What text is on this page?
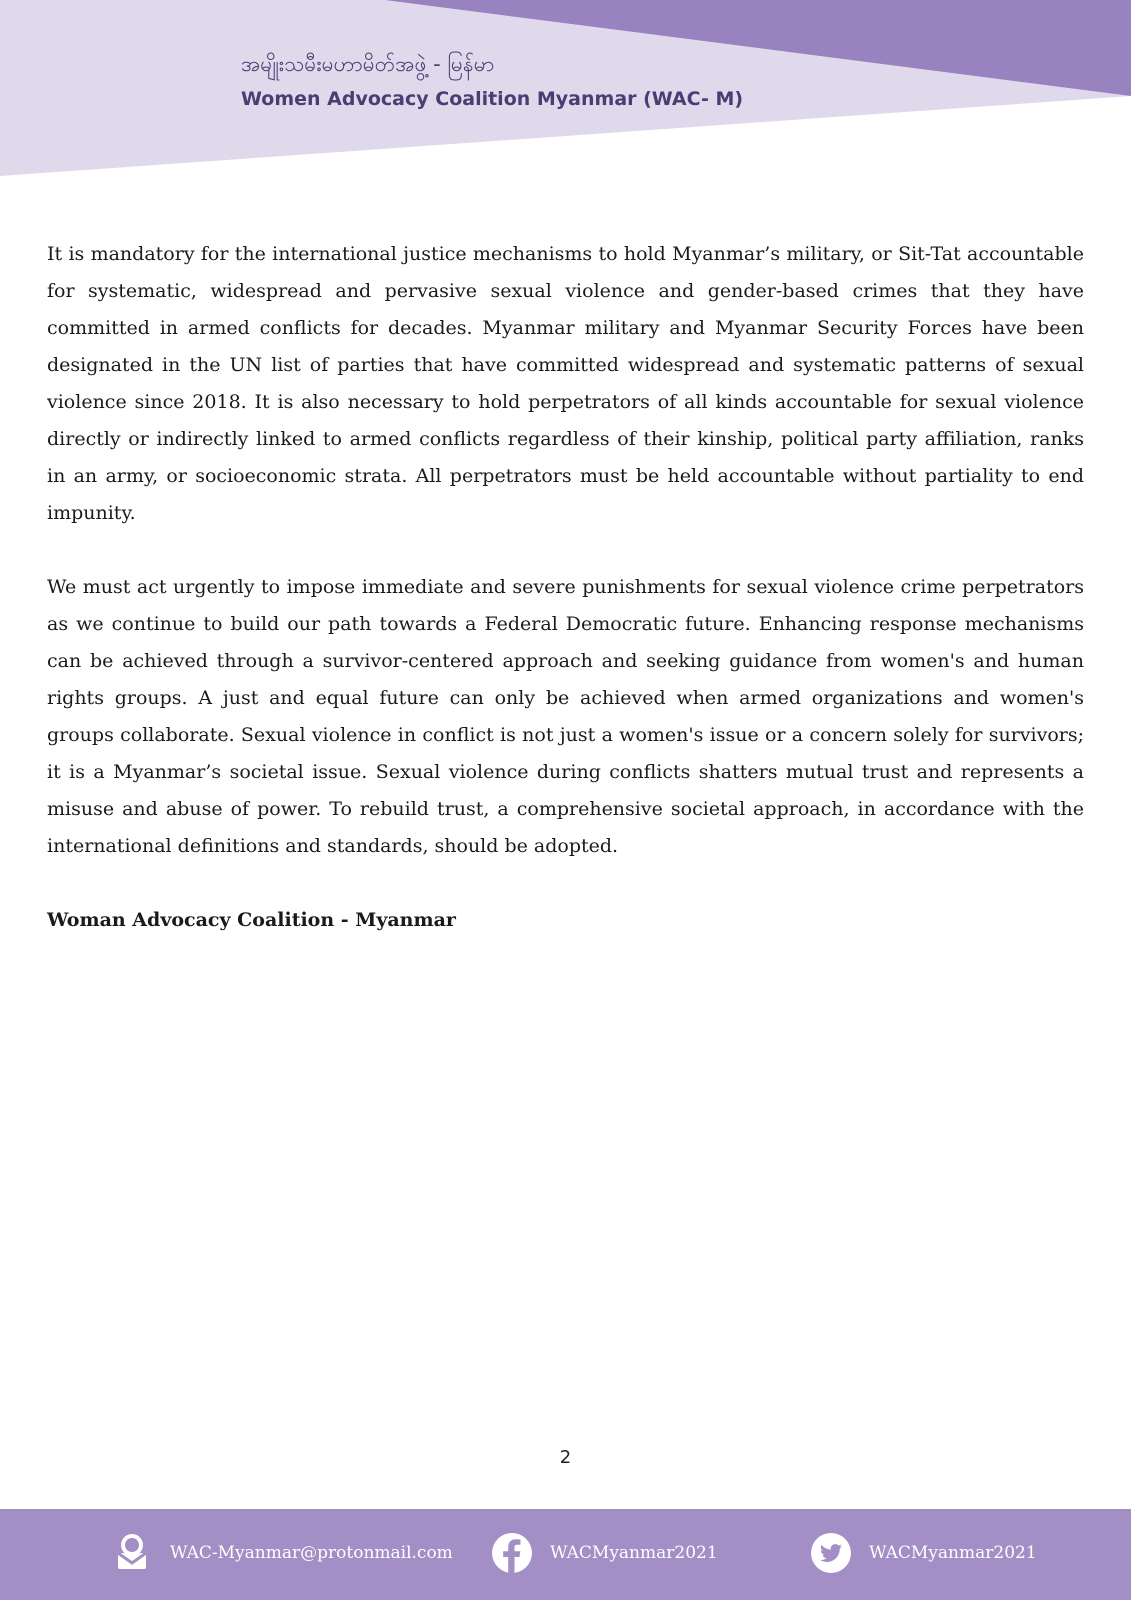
အမျိုးသမီးမဟာမိတ်အဖွဲ့ - မြန်မာ
Women Advocacy Coalition Myanmar (WAC- M)

It is mandatory for the international justice mechanisms to hold Myanmar’s military, or Sit-Tat accountable for systematic, widespread and pervasive sexual violence and gender-based crimes that they have committed in armed conflicts for decades. Myanmar military and Myanmar Security Forces have been designated in the UN list of parties that have committed widespread and systematic patterns of sexual violence since 2018. It is also necessary to hold perpetrators of all kinds accountable for sexual violence directly or indirectly linked to armed conflicts regardless of their kinship, political party affiliation, ranks in an army, or socioeconomic strata. All perpetrators must be held accountable without partiality to end impunity.

We must act urgently to impose immediate and severe punishments for sexual violence crime perpetrators as we continue to build our path towards a Federal Democratic future. Enhancing response mechanisms can be achieved through a survivor-centered approach and seeking guidance from women's and human rights groups. A just and equal future can only be achieved when armed organizations and women's groups collaborate. Sexual violence in conflict is not just a women's issue or a concern solely for survivors; it is a Myanmar’s societal issue. Sexual violence during conflicts shatters mutual trust and represents a misuse and abuse of power. To rebuild trust, a comprehensive societal approach, in accordance with the international definitions and standards, should be adopted.

Woman Advocacy Coalition - Myanmar

2
WAC-Myanmar@protonmail.com	WACMyanmar2021	WACMyanmar2021
